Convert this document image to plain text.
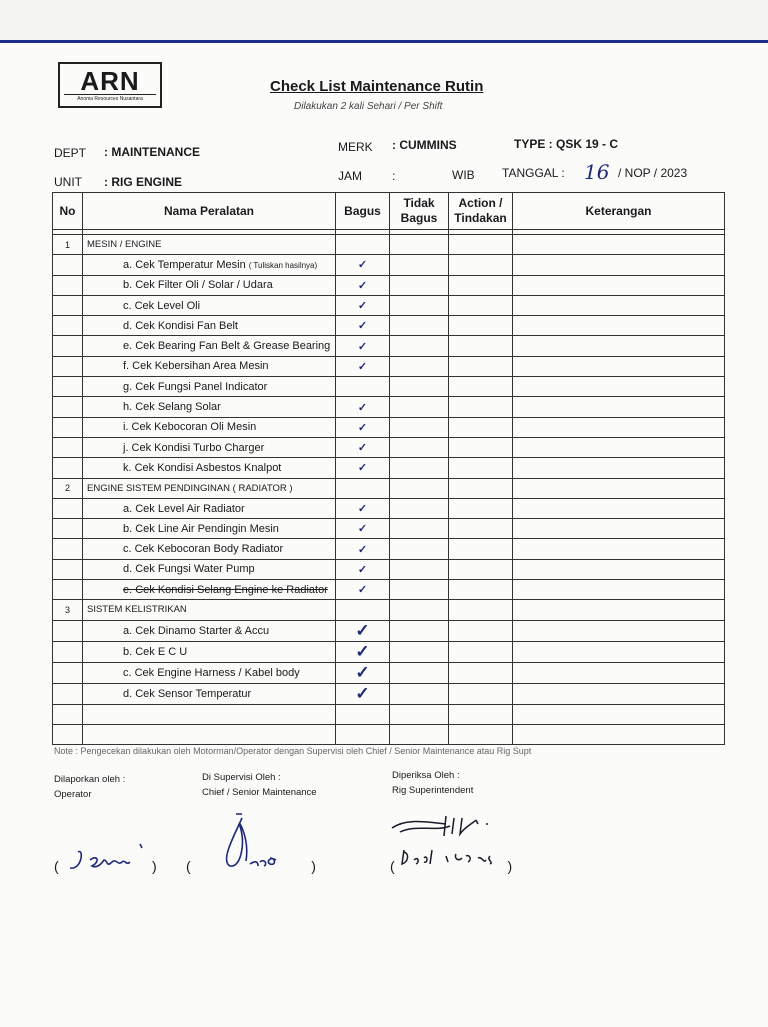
ARN
Anoma Resources Nusantara
Check List Maintenance Rutin
Dilakukan 2 kali Sehari / Per Shift
DEPT : MAINTENANCE
UNIT : RIG ENGINE
MERK : CUMMINS	TYPE : QSK 19 - C
JAM	:	WIB TANGGAL : 16 / NOP / 2023
No	Nama Peralatan	Bagus	Tidak Bagus	Action / Tindakan	Keterangan

1	MESIN / ENGINE				
	a. Cek Temperatur Mesin ( Tuliskan hasilnya)	✓			
	b. Cek Filter Oli / Solar / Udara	✓			
	c. Cek Level Oli	✓			
	d. Cek Kondisi Fan Belt	✓			
	e. Cek Bearing Fan Belt & Grease Bearing	✓			
	f. Cek Kebersihan Area Mesin	✓			
	g. Cek Fungsi Panel Indicator				
	h. Cek Selang Solar	✓			
	i. Cek Kebocoran Oli Mesin	✓			
	j. Cek Kondisi Turbo Charger	✓			
	k. Cek Kondisi Asbestos Knalpot	✓			
2	ENGINE SISTEM PENDINGINAN ( RADIATOR )				
	a. Cek Level Air Radiator	✓			
	b. Cek Line Air Pendingin Mesin	✓			
	c. Cek Kebocoran Body Radiator	✓			
	d. Cek Fungsi Water Pump	✓			
	e. Cek Kondisi Selang Engine ke Radiator	✓			
3	SISTEM KELISTRIKAN				
	a. Cek Dinamo Starter & Accu	✓			
	b. Cek E C U	✓			
	c. Cek Engine Harness / Kabel body	✓			
	d. Cek Sensor Temperatur	✓			

Note : Pengecekan dilakukan oleh Motorman/Operator dengan Supervisi oleh Chief / Senior Maintenance atau Rig Supt
Dilaporkan oleh :
Operator
Di Supervisi Oleh :
Chief / Senior Maintenance
Diperiksa Oleh :
Rig Superintendent
(                        ) (                               )	(                             )
